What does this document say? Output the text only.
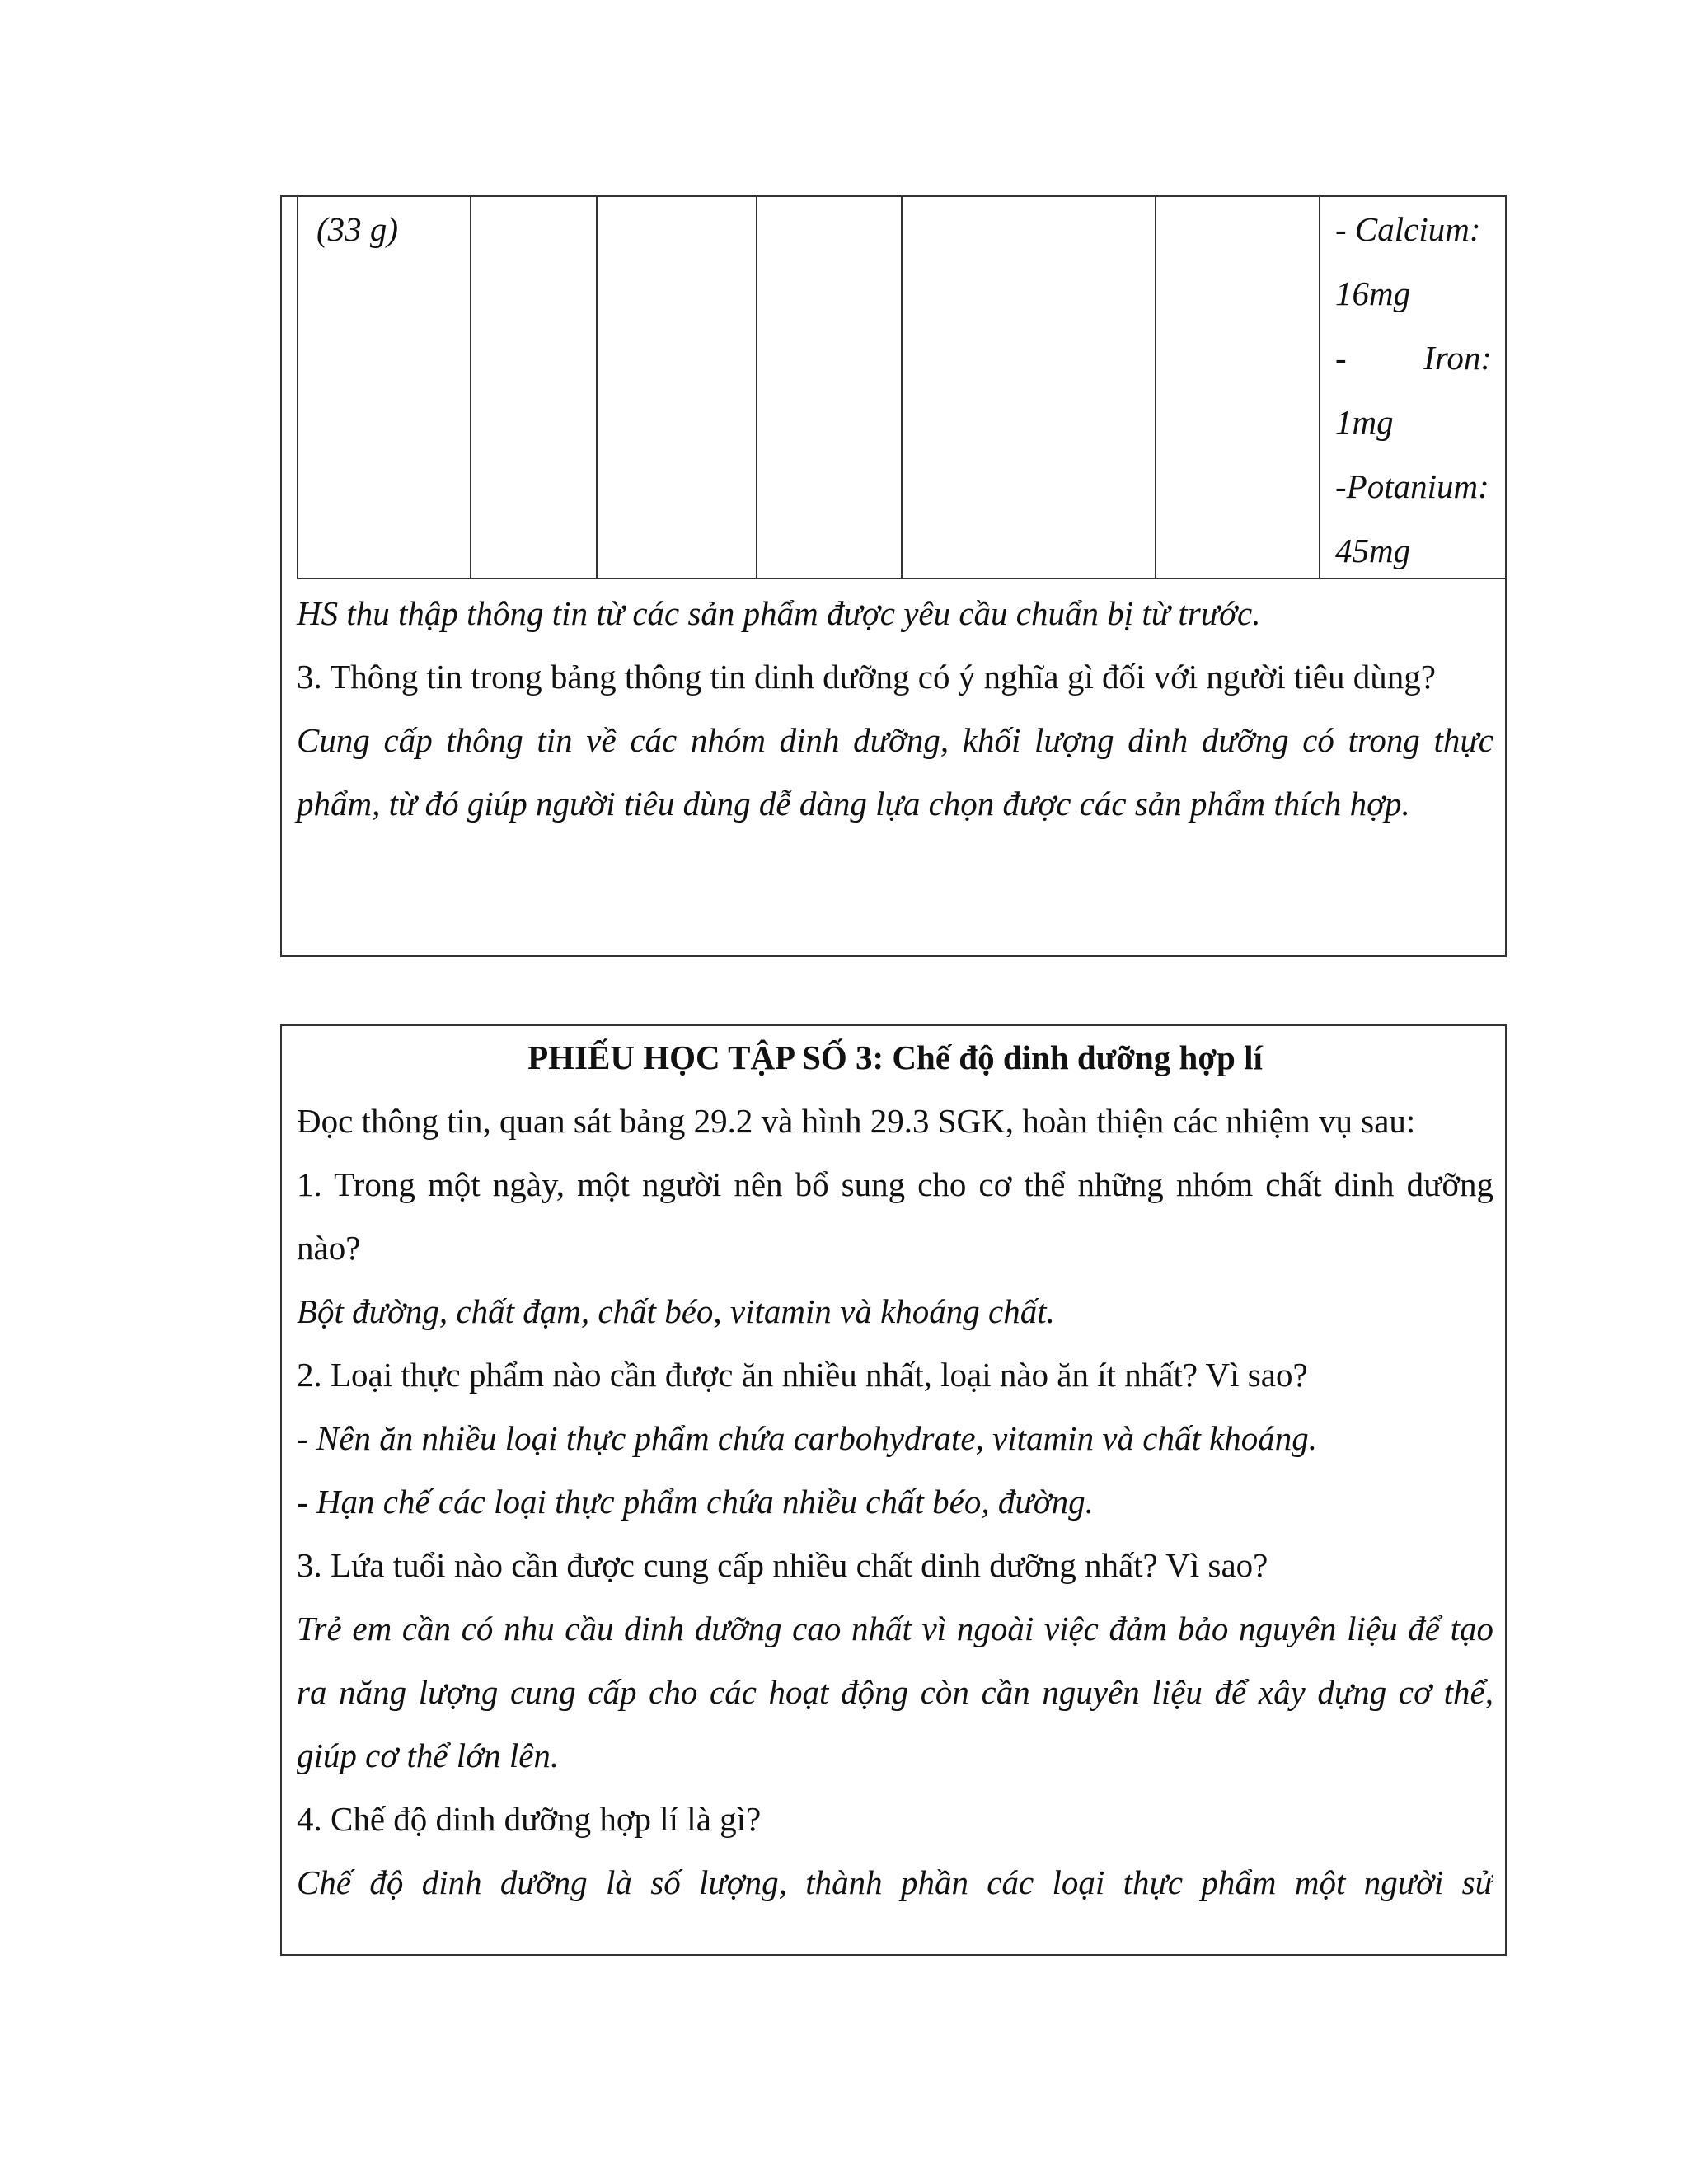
(33 g)	- Calcium:
16mg
- Iron:
1mg
-Potanium:
45mg
HS thu thập thông tin từ các sản phẩm được yêu cầu chuẩn bị từ trước.
3. Thông tin trong bảng thông tin dinh dưỡng có ý nghĩa gì đối với người tiêu dùng?
Cung cấp thông tin về các nhóm dinh dưỡng, khối lượng dinh dưỡng có trong thực phẩm, từ đó giúp người tiêu dùng dễ dàng lựa chọn được các sản phẩm thích hợp.
PHIẾU HỌC TẬP SỐ 3: Chế độ dinh dưỡng hợp lí
Đọc thông tin, quan sát bảng 29.2 và hình 29.3 SGK, hoàn thiện các nhiệm vụ sau:
1. Trong một ngày, một người nên bổ sung cho cơ thể những nhóm chất dinh dưỡng nào?
Bột đường, chất đạm, chất béo, vitamin và khoáng chất.
2. Loại thực phẩm nào cần được ăn nhiều nhất, loại nào ăn ít nhất? Vì sao?
- Nên ăn nhiều loại thực phẩm chứa carbohydrate, vitamin và chất khoáng.
- Hạn chế các loại thực phẩm chứa nhiều chất béo, đường.
3. Lứa tuổi nào cần được cung cấp nhiều chất dinh dưỡng nhất? Vì sao?
Trẻ em cần có nhu cầu dinh dưỡng cao nhất vì ngoài việc đảm bảo nguyên liệu để tạo ra năng lượng cung cấp cho các hoạt động còn cần nguyên liệu để xây dựng cơ thể, giúp cơ thể lớn lên.
4. Chế độ dinh dưỡng hợp lí là gì?
Chế độ dinh dưỡng là số lượng, thành phần các loại thực phẩm một người sử
